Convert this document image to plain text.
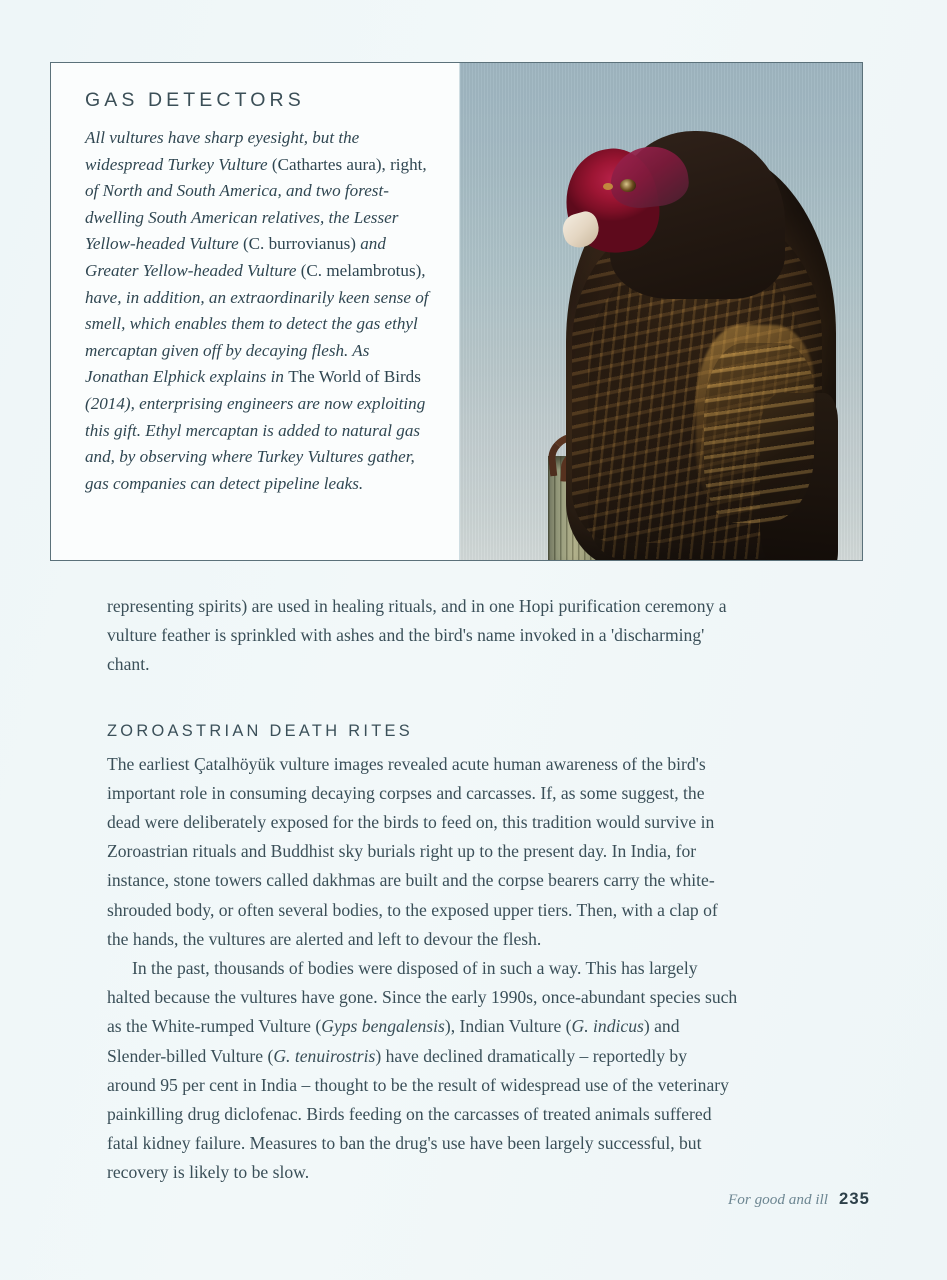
GAS DETECTORS

All vultures have sharp eyesight, but the widespread Turkey Vulture (Cathartes aura), right, of North and South America, and two forest-dwelling South American relatives, the Lesser Yellow-headed Vulture (C. burrovianus) and Greater Yellow-headed Vulture (C. melambrotus), have, in addition, an extraordinarily keen sense of smell, which enables them to detect the gas ethyl mercaptan given off by decaying flesh. As Jonathan Elphick explains in The World of Birds (2014), enterprising engineers are now exploiting this gift. Ethyl mercaptan is added to natural gas and, by observing where Turkey Vultures gather, gas companies can detect pipeline leaks.

representing spirits) are used in healing rituals, and in one Hopi purification ceremony a vulture feather is sprinkled with ashes and the bird's name invoked in a 'discharming' chant.

ZOROASTRIAN DEATH RITES

The earliest Çatalhöyük vulture images revealed acute human awareness of the bird's important role in consuming decaying corpses and carcasses. If, as some suggest, the dead were deliberately exposed for the birds to feed on, this tradition would survive in Zoroastrian rituals and Buddhist sky burials right up to the present day. In India, for instance, stone towers called dakhmas are built and the corpse bearers carry the white-shrouded body, or often several bodies, to the exposed upper tiers. Then, with a clap of the hands, the vultures are alerted and left to devour the flesh.

In the past, thousands of bodies were disposed of in such a way. This has largely halted because the vultures have gone. Since the early 1990s, once-abundant species such as the White-rumped Vulture (Gyps bengalensis), Indian Vulture (G. indicus) and Slender-billed Vulture (G. tenuirostris) have declined dramatically – reportedly by around 95 per cent in India – thought to be the result of widespread use of the veterinary painkilling drug diclofenac. Birds feeding on the carcasses of treated animals suffered fatal kidney failure. Measures to ban the drug's use have been largely successful, but recovery is likely to be slow.

For good and ill 235
